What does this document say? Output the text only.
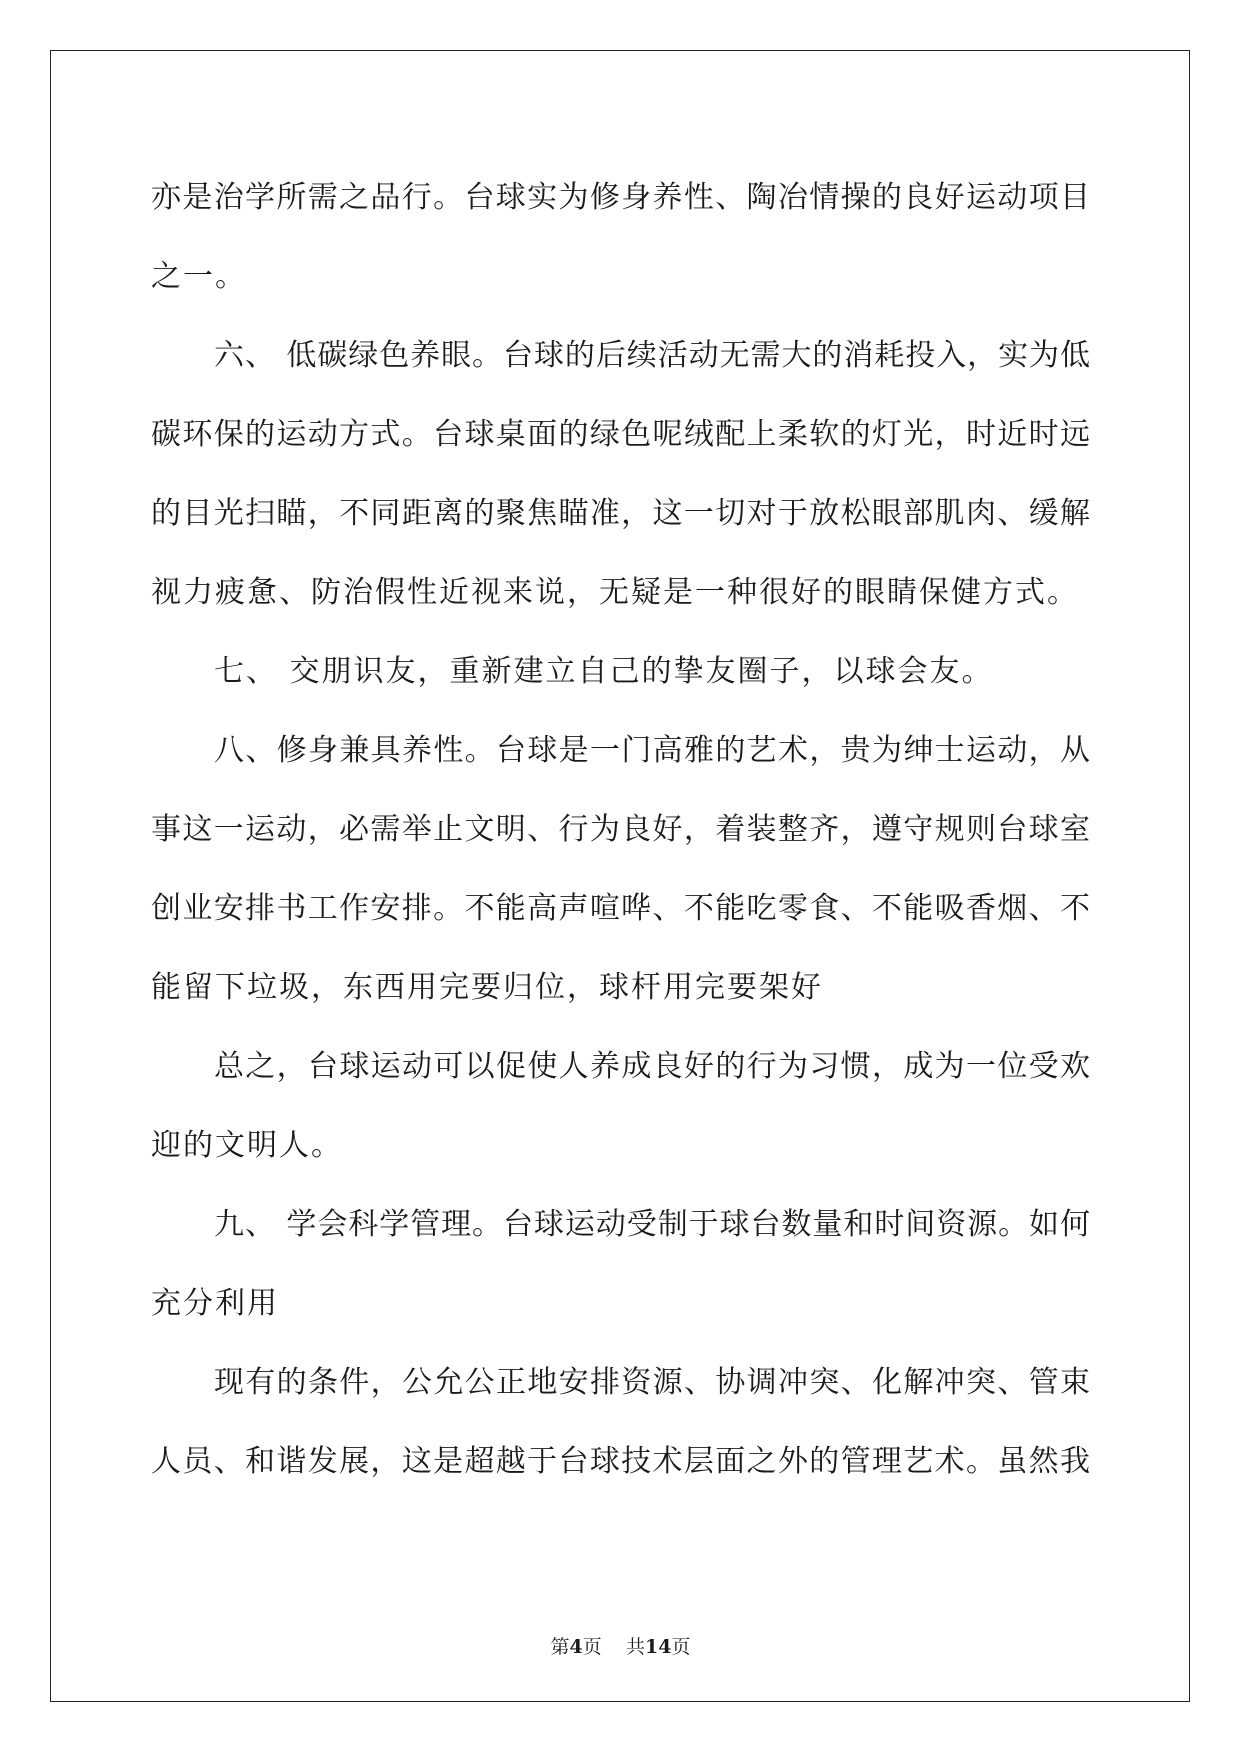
亦是治学所需之品行。台球实为修身养性、陶冶情操的良好运动项目
之一。
六、 低碳绿色养眼。台球的后续活动无需大的消耗投入，实为低
碳环保的运动方式。台球桌面的绿色呢绒配上柔软的灯光，时近时远
的目光扫瞄，不同距离的聚焦瞄准，这一切对于放松眼部肌肉、缓解
视力疲惫、防治假性近视来说，无疑是一种很好的眼睛保健方式。
七、 交朋识友，重新建立自己的挚友圈子，以球会友。
八、修身兼具养性。台球是一门高雅的艺术，贵为绅士运动，从
事这一运动，必需举止文明、行为良好，着装整齐，遵守规则台球室
创业安排书工作安排。不能高声喧哗、不能吃零食、不能吸香烟、不
能留下垃圾，东西用完要归位，球杆用完要架好
总之，台球运动可以促使人养成良好的行为习惯，成为一位受欢
迎的文明人。
九、 学会科学管理。台球运动受制于球台数量和时间资源。如何
充分利用
现有的条件，公允公正地安排资源、协调冲突、化解冲突、管束
人员、和谐发展，这是超越于台球技术层面之外的管理艺术。虽然我
第4页 共14页
